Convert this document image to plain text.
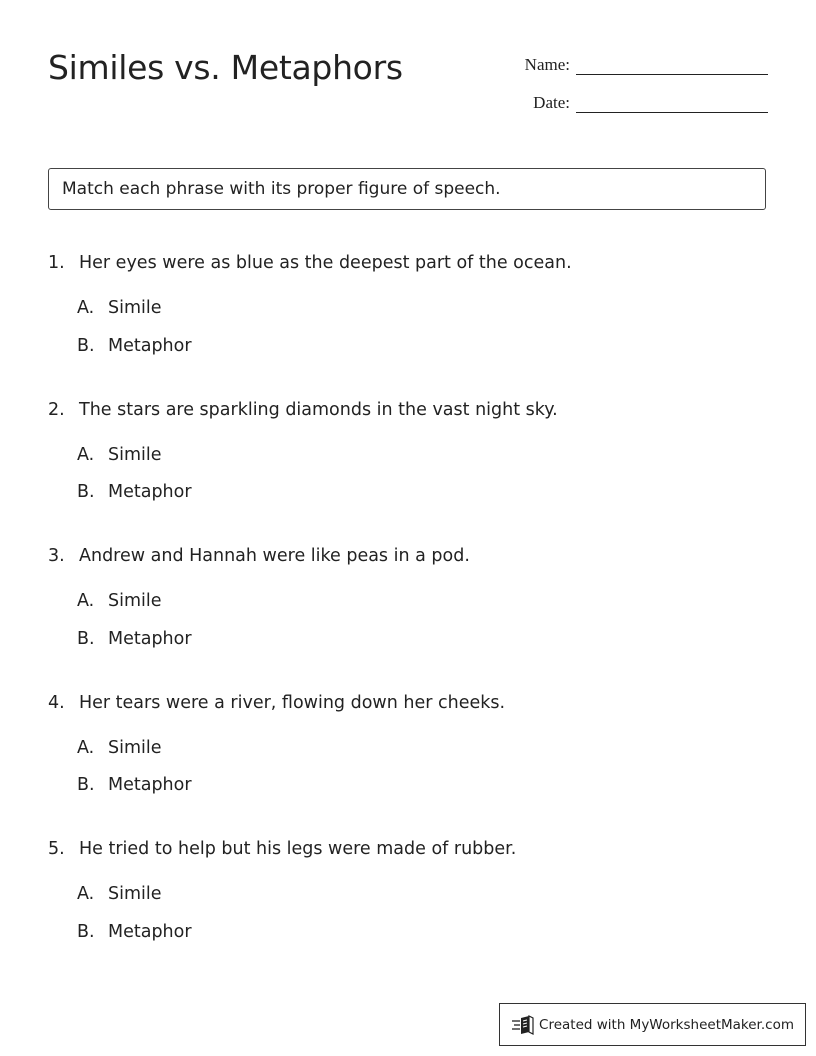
Similes vs. Metaphors	Name:
Date:
Match each phrase with its proper figure of speech.
1. Her eyes were as blue as the deepest part of the ocean.
A. Simile
B. Metaphor
2. The stars are sparkling diamonds in the vast night sky.
A. Simile
B. Metaphor
3. Andrew and Hannah were like peas in a pod.
A. Simile
B. Metaphor
4. Her tears were a river, flowing down her cheeks.
A. Simile
B. Metaphor
5. He tried to help but his legs were made of rubber.
A. Simile
B. Metaphor
Created with MyWorksheetMaker.com
